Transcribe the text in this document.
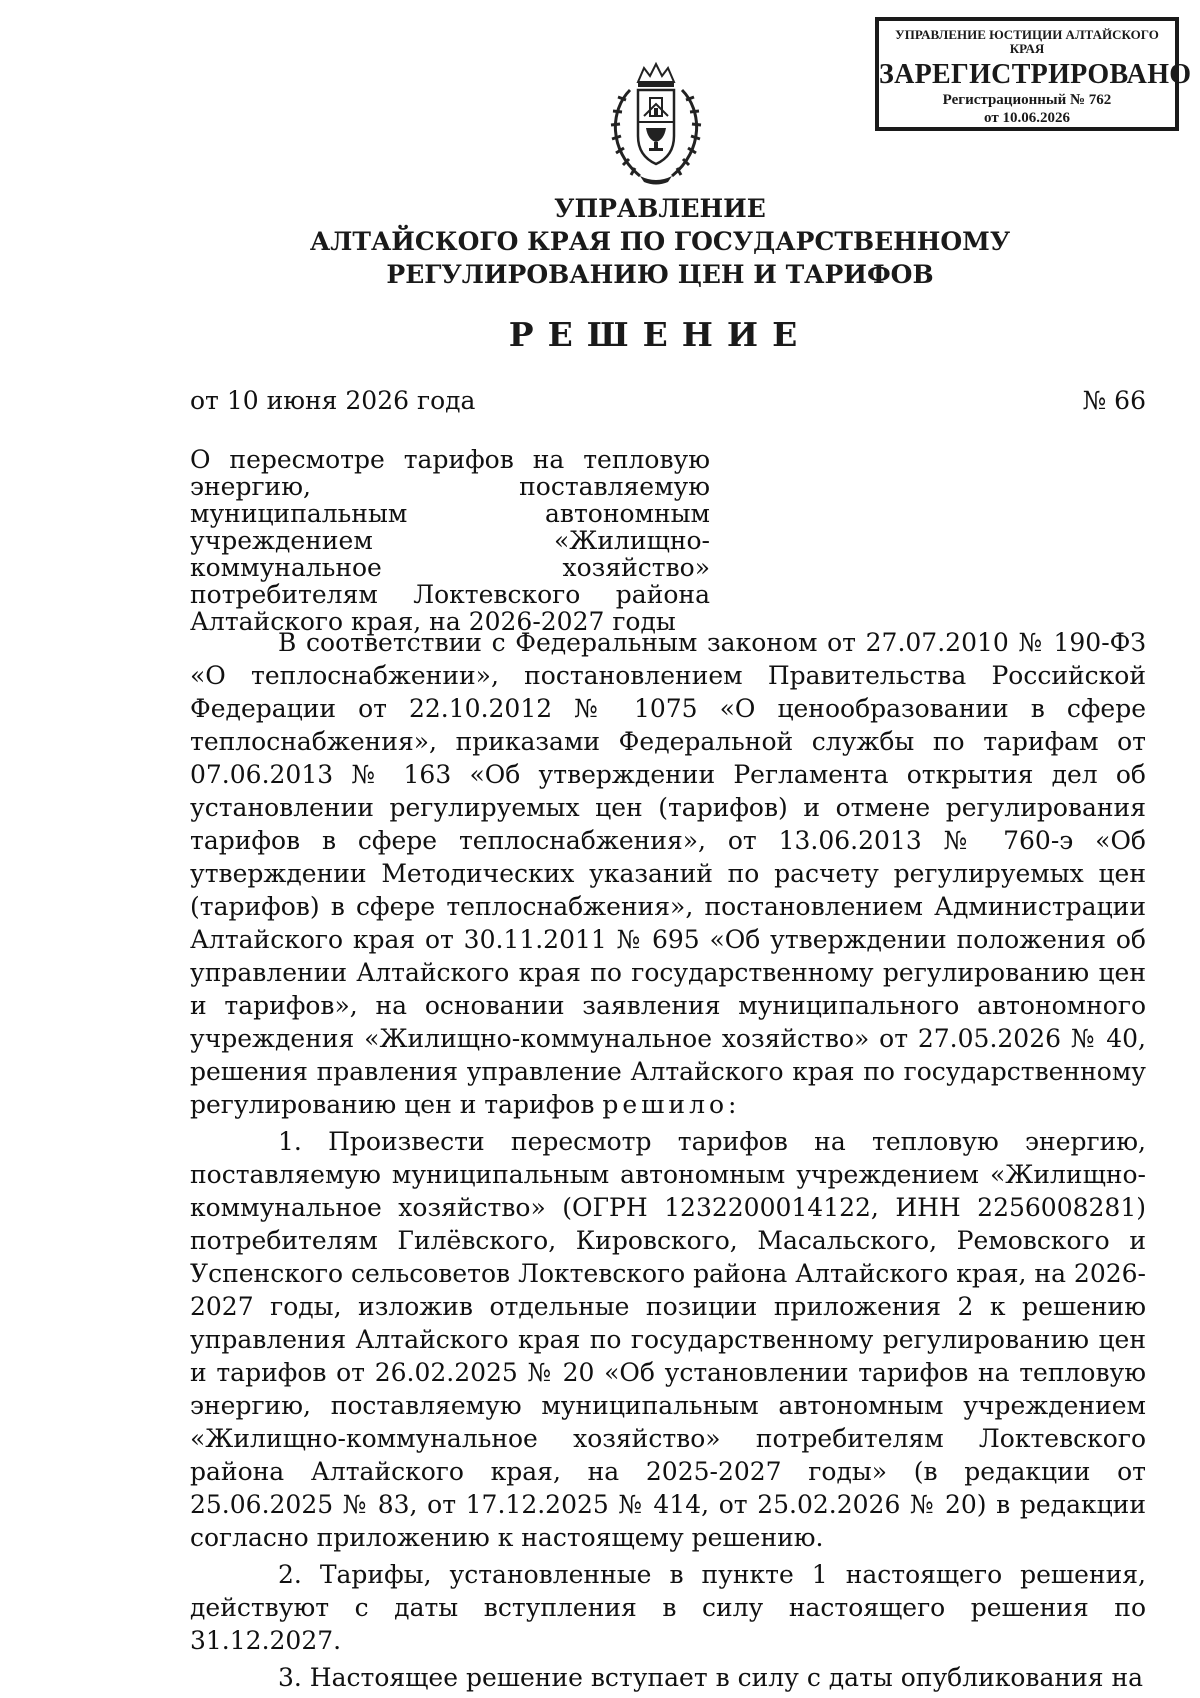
УПРАВЛЕНИЕ ЮСТИЦИИ АЛТАЙСКОГО КРАЯ
ЗАРЕГИСТРИРОВАНО
Регистрационный № 762
от 10.06.2026
УПРАВЛЕНИЕ
АЛТАЙСКОГО КРАЯ ПО ГОСУДАРСТВЕННОМУ
РЕГУЛИРОВАНИЮ ЦЕН И ТАРИФОВ
РЕШЕНИЕ
от 10 июня 2026 года	№ 66
О пересмотре тарифов на тепловую энергию, поставляемую муниципальным автономным учреждением «Жилищно-коммунальное хозяйство» потребителям Локтевского района Алтайского края, на 2026-2027 годы

В соответствии с Федеральным законом от 27.07.2010 № 190-ФЗ «О теплоснабжении», постановлением Правительства Российской Федерации от 22.10.2012 № 1075 «О ценообразовании в сфере теплоснабжения», приказами Федеральной службы по тарифам от 07.06.2013 № 163 «Об утверждении Регламента открытия дел об установлении регулируемых цен (тарифов) и отмене регулирования тарифов в сфере теплоснабжения», от 13.06.2013 № 760-э «Об утверждении Методических указаний по расчету регулируемых цен (тарифов) в сфере теплоснабжения», постановлением Администрации Алтайского края от 30.11.2011 № 695 «Об утверждении положения об управлении Алтайского края по государственному регулированию цен и тарифов», на основании заявления муниципального автономного учреждения «Жилищно-коммунальное хозяйство» от 27.05.2026 № 40, решения правления управление Алтайского края по государственному регулированию цен и тарифов решило:

1. Произвести пересмотр тарифов на тепловую энергию, поставляемую муниципальным автономным учреждением «Жилищно-коммунальное хозяйство» (ОГРН 1232200014122, ИНН 2256008281) потребителям Гилёвского, Кировского, Масальского, Ремовского и Успенского сельсоветов Локтевского района Алтайского края, на 2026-2027 годы, изложив отдельные позиции приложения 2 к решению управления Алтайского края по государственному регулированию цен и тарифов от 26.02.2025 № 20 «Об установлении тарифов на тепловую энергию, поставляемую муниципальным автономным учреждением «Жилищно-коммунальное хозяйство» потребителям Локтевского района Алтайского края, на 2025-2027 годы» (в редакции от 25.06.2025 № 83, от 17.12.2025 № 414, от 25.02.2026 № 20) в редакции согласно приложению к настоящему решению.

2. Тарифы, установленные в пункте 1 настоящего решения, действуют с даты вступления в силу настоящего решения по 31.12.2027.

3. Настоящее решение вступает в силу с даты опубликования на
